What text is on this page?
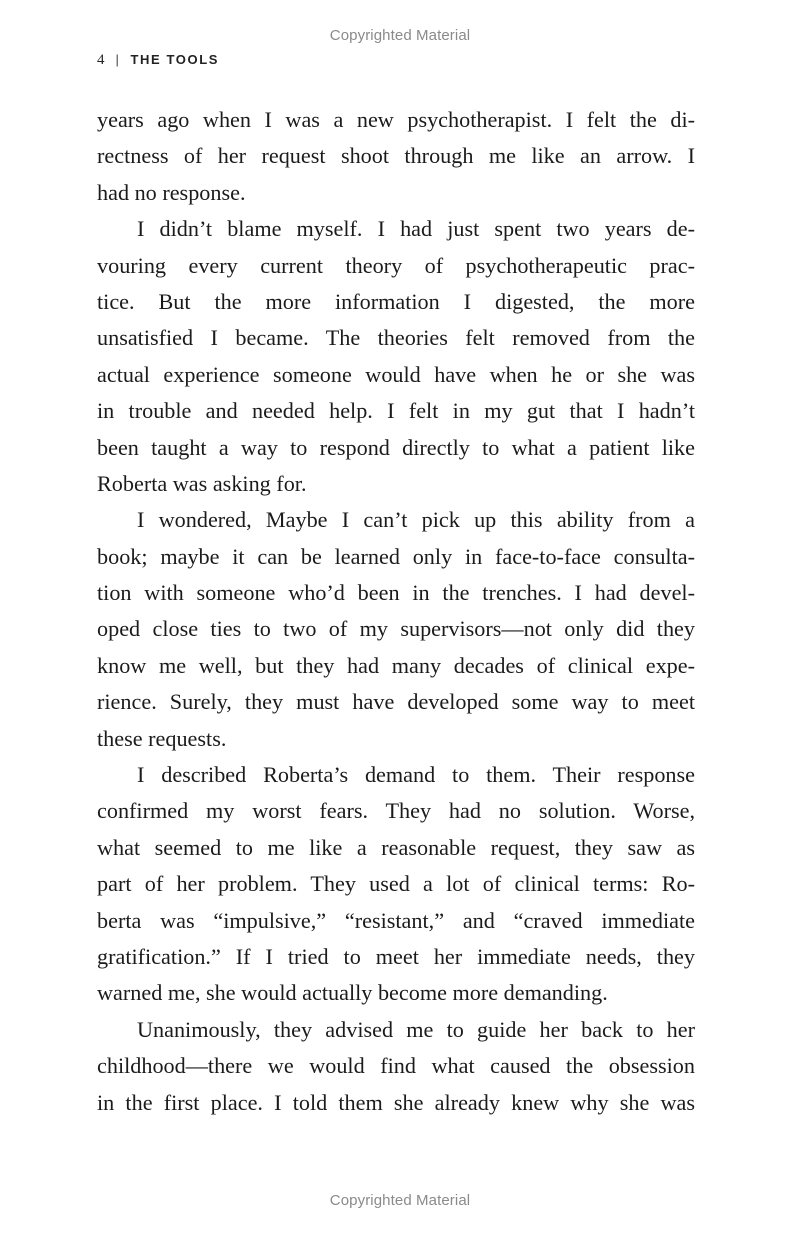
Copyrighted Material
4 | THE TOOLS
years ago when I was a new psychotherapist. I felt the di-
rectness of her request shoot through me like an arrow. I
had no response.
I didn’t blame myself. I had just spent two years de-
vouring every current theory of psychotherapeutic prac-
tice. But the more information I digested, the more
unsatisfied I became. The theories felt removed from the
actual experience someone would have when he or she was
in trouble and needed help. I felt in my gut that I hadn’t
been taught a way to respond directly to what a patient like
Roberta was asking for.
I wondered, Maybe I can’t pick up this ability from a
book; maybe it can be learned only in face-to-face consulta-
tion with someone who’d been in the trenches. I had devel-
oped close ties to two of my supervisors—not only did they
know me well, but they had many decades of clinical expe-
rience. Surely, they must have developed some way to meet
these requests.
I described Roberta’s demand to them. Their response
confirmed my worst fears. They had no solution. Worse,
what seemed to me like a reasonable request, they saw as
part of her problem. They used a lot of clinical terms: Ro-
berta was “impulsive,” “resistant,” and “craved immediate
gratification.” If I tried to meet her immediate needs, they
warned me, she would actually become more demanding.
Unanimously, they advised me to guide her back to her
childhood—there we would find what caused the obsession
in the first place. I told them she already knew why she was
Copyrighted Material
